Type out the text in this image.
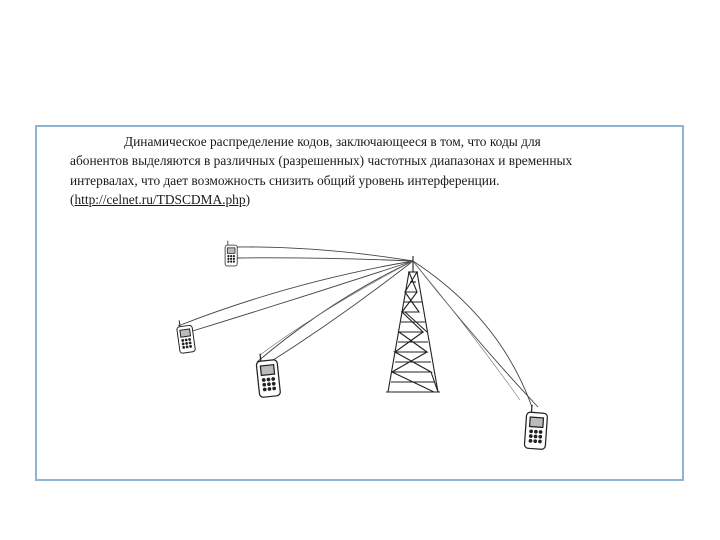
Динамическое распределение кодов, заключающееся в том, что коды для
абонентов выделяются в различных (разрешенных) частотных диапазонах и временных
интервалах, что дает возможность снизить общий уровень интерференции.
(http://celnet.ru/TDSCDMA.php)
